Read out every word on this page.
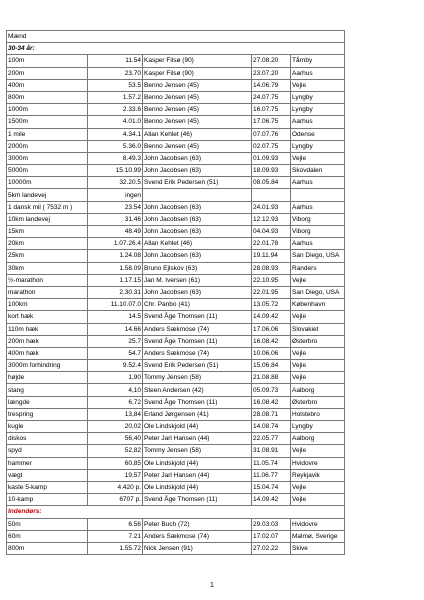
Mænd				
30-34 år:				
100m	11.54	Kasper Filsø (90)	27.08.20	Tårnby
200m	23.70	Kasper Filsø (90)	23.07.20	Aarhus
400m	53.5	Benno Jensen (45)	14.06.79	Vejle
800m	1.57.2	Benno Jensen (45)	24.07.75	Lyngby
1000m	2.33.6	Benno Jensen (45)	16.07.75	Lyngby
1500m	4.01.0	Benno Jensen (45)	17.06.75	Aarhus
1 mile	4.34.1	Allan Kehlet (46)	07.07.76	Odense
2000m	5.36.0	Benno Jensen (45)	02.07.75	Lyngby
3000m	8.49.3	John Jacobsen (63)	01.09.93	Vejle
5000m	15.10.99	John Jacobsen (63)	18.09.93	Skovdalen
10000m	32.20.5	Svend Erik Pedersen (51)	08.05.84	Aarhus
5km landevej	ingen			
1 dansk mil ( 7532 m )	23.54	John Jacobsen (63)	24.01.93	Aarhus
10km landevej	31.46	John Jacobsen (63)	12.12.93	Viborg
15km	48.49	John Jacobsen (63)	04.04.93	Viborg
20km	1.07.26.4	Allan Kehlet (46)	22.01.78	Aarhus
25km	1.24.08	John Jacobsen (63)	19.11.94	San Diego, USA
30km	1.58.09	Bruno Ejlskov (63)	28.08.93	Randers
½-marathon	1.17.15	Jan M. Iversen (61)	22.10.95	Vejle
marathon	2.30.31	John Jacobsen (63)	22.01.95	San Diego, USA
100km	11.10.07.0	Chr. Panbo (41)	13.05.72	København
kort hæk	14.5	Svend Åge Thomsen (11)	14.09.42	Vejle
110m hæk	14.66	Anders Sækmose (74)	17.06.06	Slovakiet
200m hæk	25.7	Svend Åge Thomsen (11)	16.08.42	Østerbro
400m hæk	54.7	Anders Sækmose (74)	10.06.06	Vejle
3000m forhindring	9.52.4	Svend Erik Pedersen (51)	15.06.84	Vejle
højde	1,90	Tommy Jensen (58)	21.08.88	Vejle
stang	4,10	Steen Andersen (42)	05.09.73	Aalborg
længde	6,72	Svend Åge Thomsen (11)	16.08.42	Østerbro
trespring	13,84	Erland Jørgensen (41)	28.08.71	Holstebro
kugle	20,02	Ole Lindskjold (44)	14.08.74	Lyngby
diskos	56,40	Peter Jarl Hansen (44)	22.05.77	Aalborg
spyd	52,82	Tommy Jensen (58)	31.08.91	Vejle
hammer	60,85	Ole Lindskjold (44)	11.05.74	Hvidovre
vægt	19,57	Peter Jarl Hansen (44)	11.06.77	Reykjavik
kaste 5-kamp	4.420 p.	Ole Lindskjold (44)	15.04.74	Vejle
10-kamp	6707 p.	Svend Åge Thomsen (11)	14.09.42	Vejle
Indendørs:				
50m	6.56	Peter Buch (72)	29.03.03	Hvidovre
60m	7.21	Anders Sækmose (74)	17.02.07	Malmø, Sverige
800m	1.55.72	Nick Jensen (91)	27.02.22	Skive
1
